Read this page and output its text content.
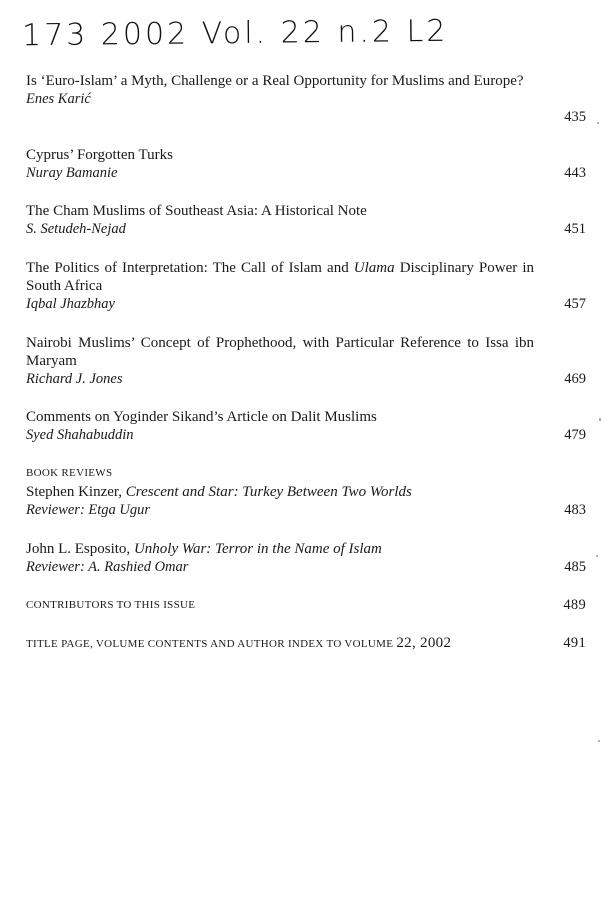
173 2002 Vol. 22 n.2 L2
Is ‘Euro-Islam’ a Myth, Challenge or a Real Opportunity for Muslims and Europe?
Enes Karić
435
Cyprus’ Forgotten Turks
Nuray Bamanie	443
The Cham Muslims of Southeast Asia: A Historical Note
S. Setudeh-Nejad	451
The Politics of Interpretation: The Call of Islam and Ulama Disciplinary Power in South Africa
Iqbal Jhazbhay	457
Nairobi Muslims’ Concept of Prophethood, with Particular Reference to Issa ibn Maryam
Richard J. Jones	469
Comments on Yoginder Sikand’s Article on Dalit Muslims
Syed Shahabuddin	479
BOOK REVIEWS
Stephen Kinzer, Crescent and Star: Turkey Between Two Worlds
Reviewer: Etga Ugur	483
John L. Esposito, Unholy War: Terror in the Name of Islam
Reviewer: A. Rashied Omar	485
CONTRIBUTORS TO THIS ISSUE	489
TITLE PAGE, VOLUME CONTENTS AND AUTHOR INDEX TO VOLUME 22, 2002	491
